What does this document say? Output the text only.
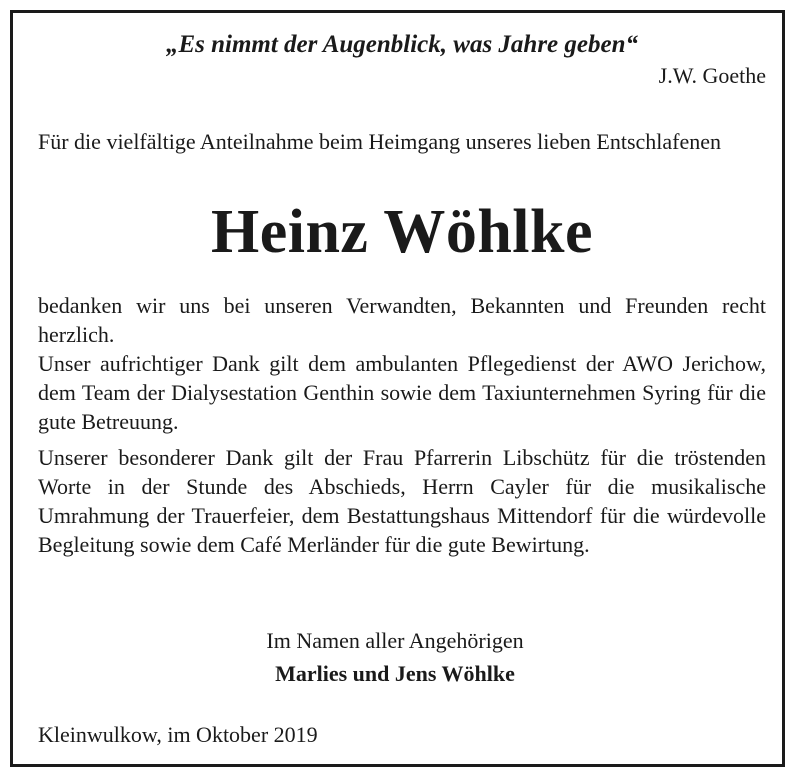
„Es nimmt der Augenblick, was Jahre geben“
J.W. Goethe
Für die vielfältige Anteilnahme beim Heimgang unseres lieben Entschlafenen
Heinz Wöhlke
bedanken wir uns bei unseren Verwandten, Bekannten und Freunden recht herzlich.
Unser aufrichtiger Dank gilt dem ambulanten Pflegedienst der AWO Jerichow, dem Team der Dialysestation Genthin sowie dem Taxiunternehmen Syring für die gute Betreuung.
Unserer besonderer Dank gilt der Frau Pfarrerin Libschütz für die tröstenden Worte in der Stunde des Abschieds, Herrn Cayler für die musikalische Umrahmung der Trauerfeier, dem Bestattungshaus Mittendorf für die würdevolle Begleitung sowie dem Café Merländer für die gute Bewirtung.
Kleinwulkow, im Oktober 2019
Im Namen aller Angehörigen
Marlies und Jens Wöhlke
